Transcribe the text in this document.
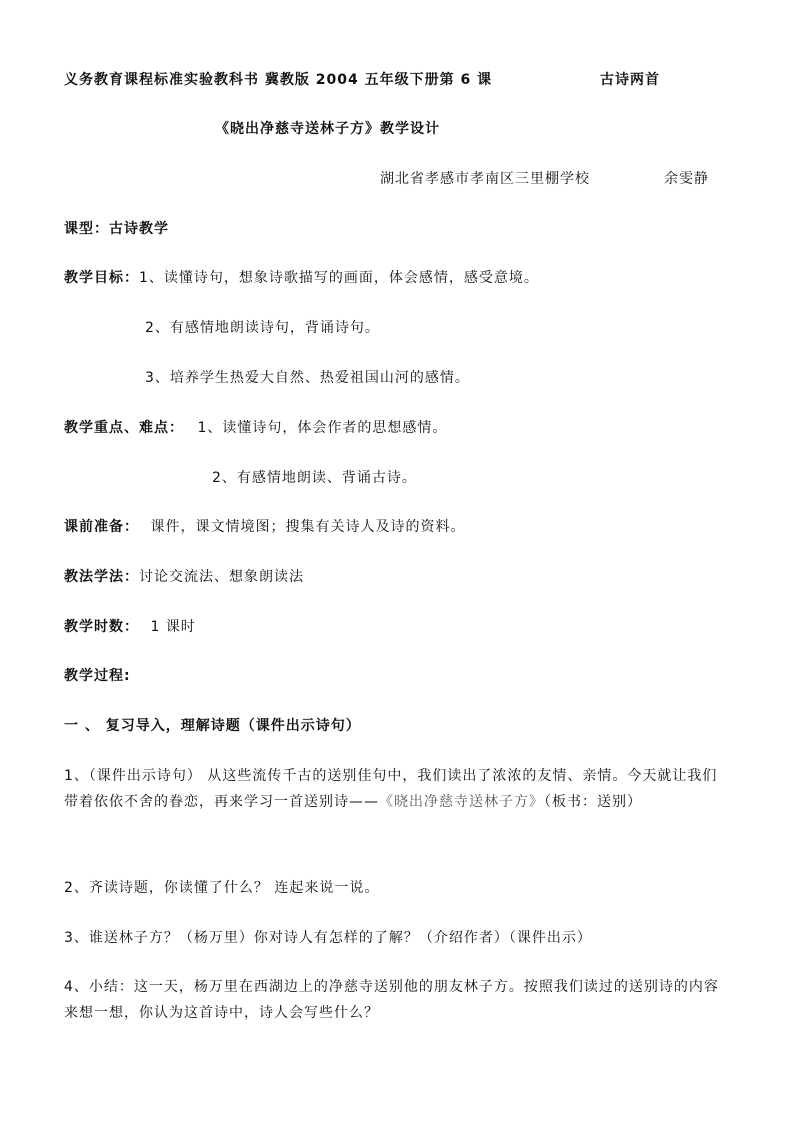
义务教育课程标准实验教科书 冀教版 2004 五年级下册第 6 课	古诗两首
《晓出净慈寺送林子方》教学设计
湖北省孝感市孝南区三里棚学校	余雯静
课型：古诗教学
教学目标：1、读懂诗句，想象诗歌描写的画面，体会感情，感受意境。
2、有感情地朗读诗句，背诵诗句。
3、培养学生热爱大自然、热爱祖国山河的感情。
教学重点、难点： 1、读懂诗句，体会作者的思想感情。
2、有感情地朗读、背诵古诗。
课前准备： 课件，课文情境图；搜集有关诗人及诗的资料。
教法学法：讨论交流法、想象朗读法
教学时数： 1 课时
教学过程:
一 、 复习导入，理解诗题（课件出示诗句）
1、（课件出示诗句） 从这些流传千古的送别佳句中，我们读出了浓浓的友情、亲情。今天就让我们带着依依不舍的眷恋，再来学习一首送别诗——《晓出净慈寺送林子方》（板书：送别）
2、齐读诗题，你读懂了什么？ 连起来说一说。
3、谁送林子方？（杨万里）你对诗人有怎样的了解？（介绍作者）（课件出示）
4、小结：这一天，杨万里在西湖边上的净慈寺送别他的朋友林子方。按照我们读过的送别诗的内容来想一想，你认为这首诗中，诗人会写些什么？
